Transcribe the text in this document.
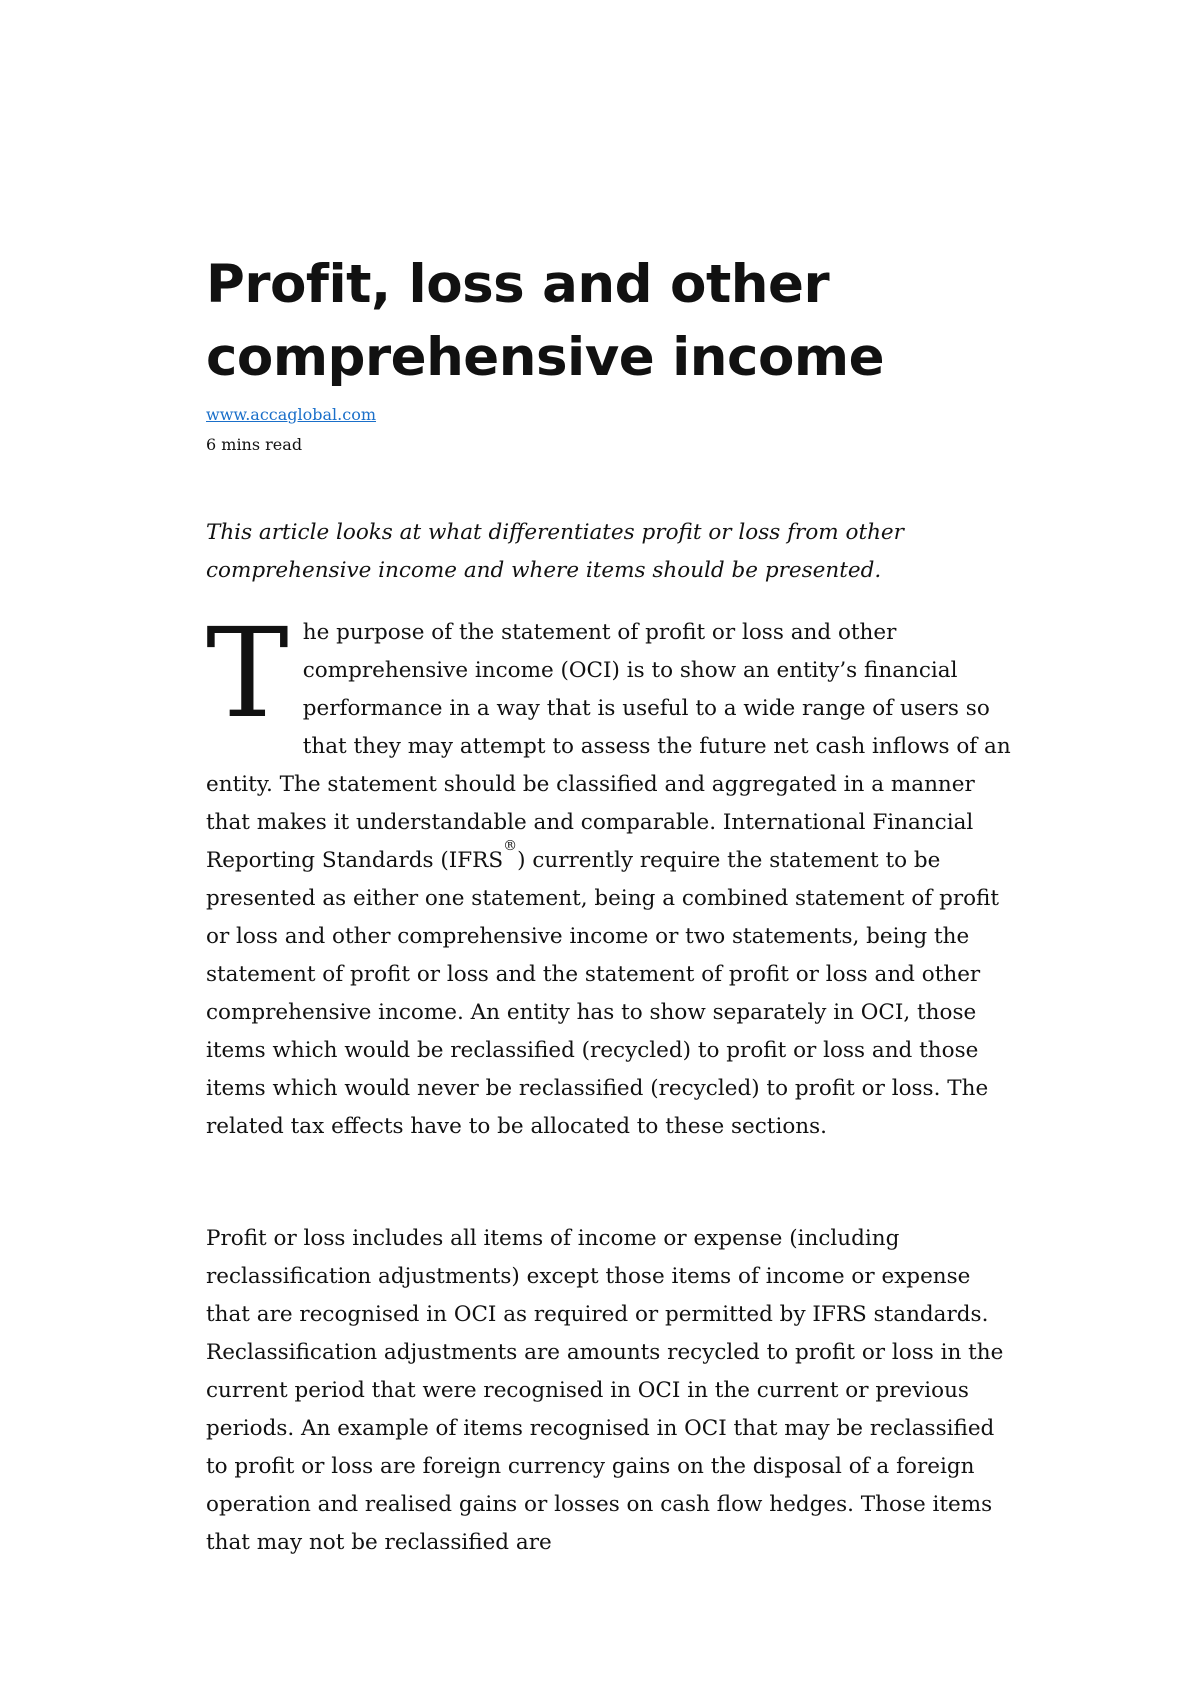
Profit, loss and other comprehensive income
www.accaglobal.com
6 mins read

This article looks at what differentiates profit or loss from other comprehensive income and where items should be presented.

The purpose of the statement of profit or loss and other comprehensive income (OCI) is to show an entity’s financial performance in a way that is useful to a wide range of users so that they may attempt to assess the future net cash inflows of an entity. The statement should be classified and aggregated in a manner that makes it understandable and comparable. International Financial Reporting Standards (IFRS®) currently require the statement to be presented as either one statement, being a combined statement of profit or loss and other comprehensive income or two statements, being the statement of profit or loss and the statement of profit or loss and other comprehensive income. An entity has to show separately in OCI, those items which would be reclassified (recycled) to profit or loss and those items which would never be reclassified (recycled) to profit or loss. The related tax effects have to be allocated to these sections.

Profit or loss includes all items of income or expense (including reclassification adjustments) except those items of income or expense that are recognised in OCI as required or permitted by IFRS standards. Reclassification adjustments are amounts recycled to profit or loss in the current period that were recognised in OCI in the current or previous periods. An example of items recognised in OCI that may be reclassified to profit or loss are foreign currency gains on the disposal of a foreign operation and realised gains or losses on cash flow hedges. Those items that may not be reclassified are
